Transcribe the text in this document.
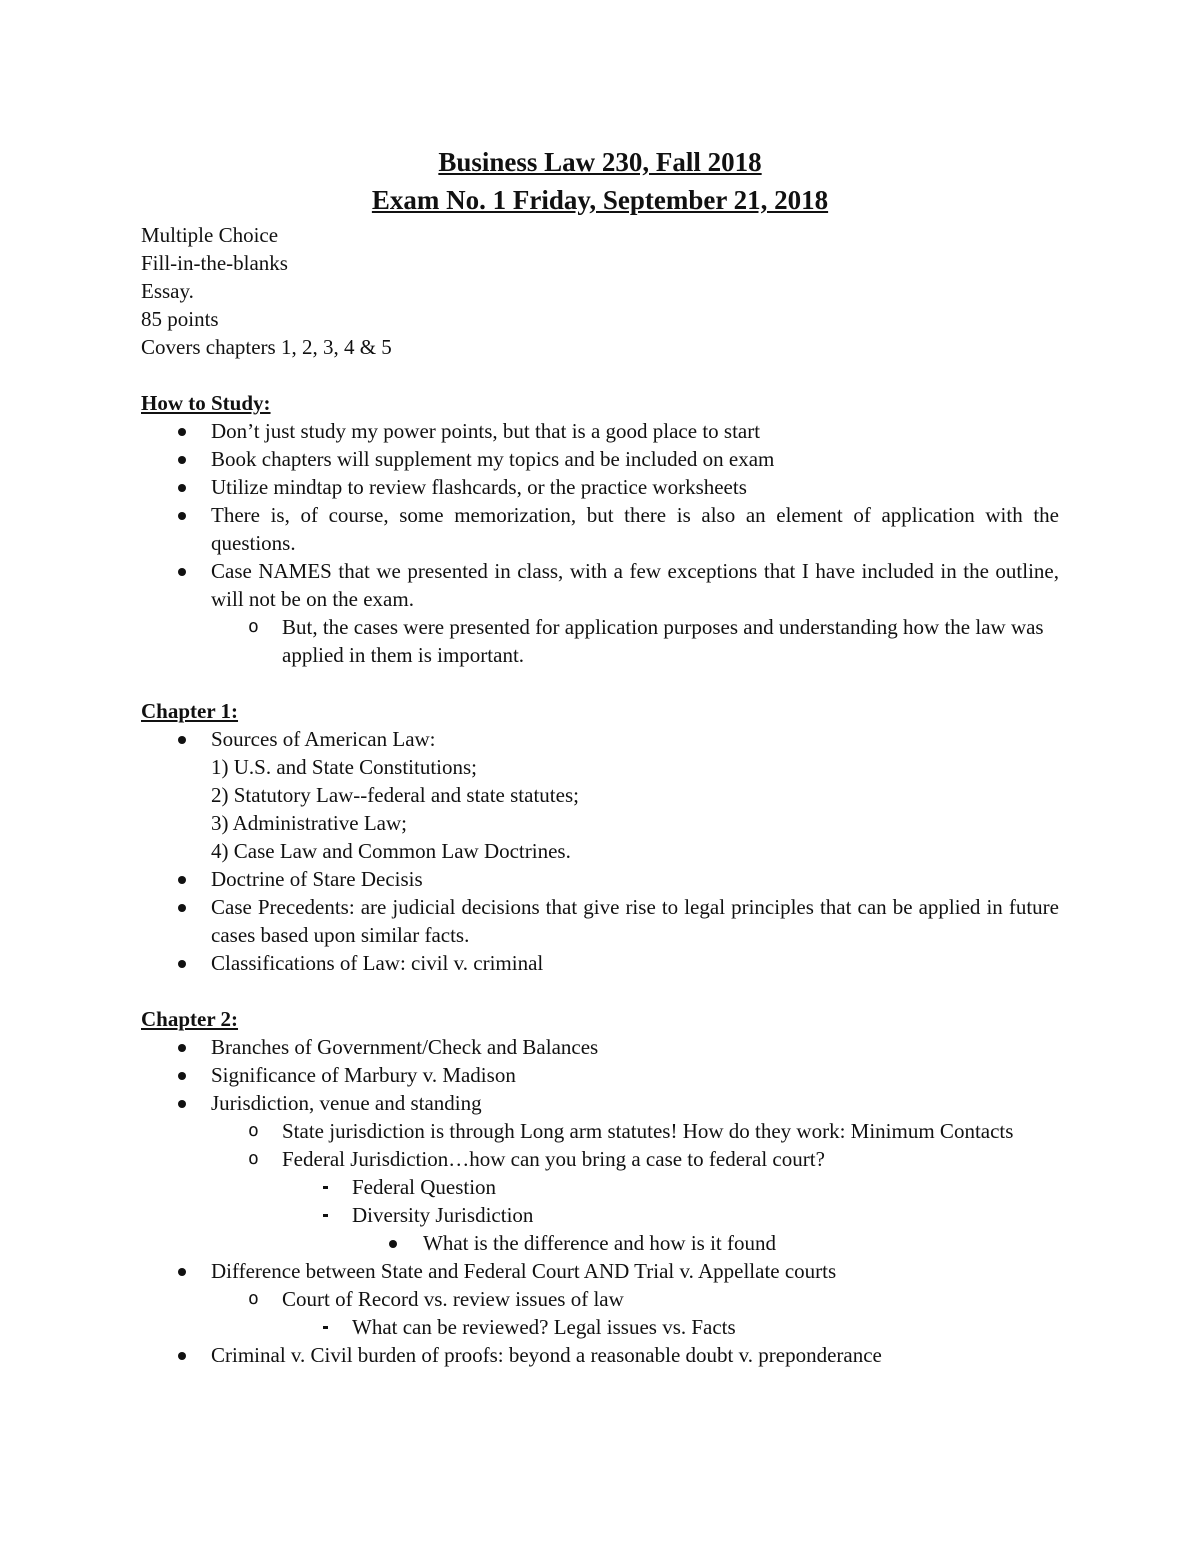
Business Law 230, Fall 2018

Exam No. 1 Friday, September 21, 2018

Multiple Choice

Fill-in-the-blanks

Essay.

85 points

Covers chapters 1, 2, 3, 4 & 5

How to Study:

Don’t just study my power points, but that is a good place to start
Book chapters will supplement my topics and be included on exam
Utilize mindtap to review flashcards, or the practice worksheets
There is, of course, some memorization, but there is also an element of application with the questions.
Case NAMES that we presented in class, with a few exceptions that I have included in the outline, will not be on the exam.
o But, the cases were presented for application purposes and understanding how the law was applied in them is important.

Chapter 1:

Sources of American Law:
1) U.S. and State Constitutions;
2) Statutory Law--federal and state statutes;
3) Administrative Law;
4) Case Law and Common Law Doctrines.
Doctrine of Stare Decisis
Case Precedents: are judicial decisions that give rise to legal principles that can be applied in future cases based upon similar facts.
Classifications of Law: civil v. criminal

Chapter 2:

Branches of Government/Check and Balances
Significance of Marbury v. Madison
Jurisdiction, venue and standing
o State jurisdiction is through Long arm statutes! How do they work: Minimum Contacts
o Federal Jurisdiction…how can you bring a case to federal court?
Federal Question
Diversity Jurisdiction
What is the difference and how is it found
Difference between State and Federal Court AND Trial v. Appellate courts
o Court of Record vs. review issues of law
What can be reviewed? Legal issues vs. Facts
Criminal v. Civil burden of proofs: beyond a reasonable doubt v. preponderance
